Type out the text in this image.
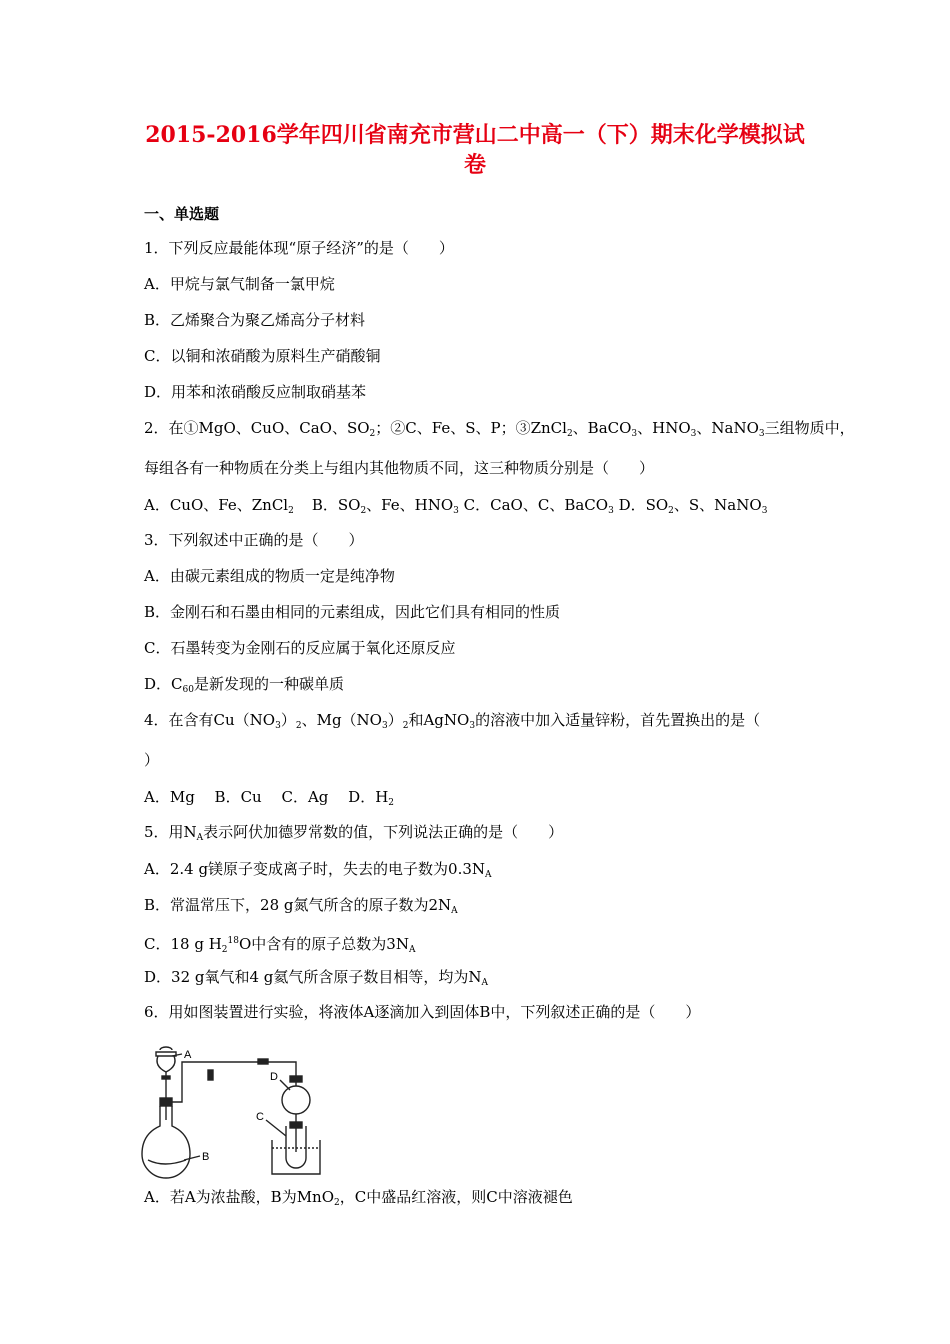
2015-2016学年四川省南充市营山二中高一（下）期末化学模拟试
卷
一、单选题
1．下列反应最能体现“原子经济”的是（　　）
A．甲烷与氯气制备一氯甲烷
B．乙烯聚合为聚乙烯高分子材料
C．以铜和浓硝酸为原料生产硝酸铜
D．用苯和浓硝酸反应制取硝基苯
2．在①MgO、CuO、CaO、$SO_2$；②C、Fe、S、P；③ZnCl$_2$、BaCO$_3$、$HNO_3$、NaNO$_3$三组物质中，
每组各有一种物质在分类上与组内其他物质不同，这三种物质分别是（　　）
A．CuO、Fe、ZnCl$_2$ B．$SO_2$、Fe、$HNO_3$ C．CaO、C、BaCO$_3$ D．$SO_2$、S、NaNO$_3$
3．下列叙述中正确的是（　　）
A．由碳元素组成的物质一定是纯净物
B．金刚石和石墨由相同的元素组成，因此它们具有相同的性质
C．石墨转变为金刚石的反应属于氧化还原反应
D．$C_{60}$是新发现的一种碳单质
4．在含有$Cu(NO_3)_2$、$Mg(NO_3)_2$和AgNO$_3$的溶液中加入适量锌粉，首先置换出的是（
）
A．Mg　 B．Cu　 C．Ag　 D．$H_2$
5．用$N_A$表示阿伏加德罗常数的值，下列说法正确的是（　　）
A．2.4 g镁原子变成离子时，失去的电子数为$0.3N_A$
B．常温常压下，28 g氮气所含的原子数为$2N_A$
C．18 g $H_2^{18}O$中含有的原子总数为$3N_A$
D．32 g氧气和4 g氦气所含原子数目相等，均为$N_A$
6．用如图装置进行实验，将液体A逐滴加入到固体B中，下列叙述正确的是（　　）
A
B
D
C
A．若A为浓盐酸，B为MnO$_2$，C中盛品红溶液，则C中溶液褪色
